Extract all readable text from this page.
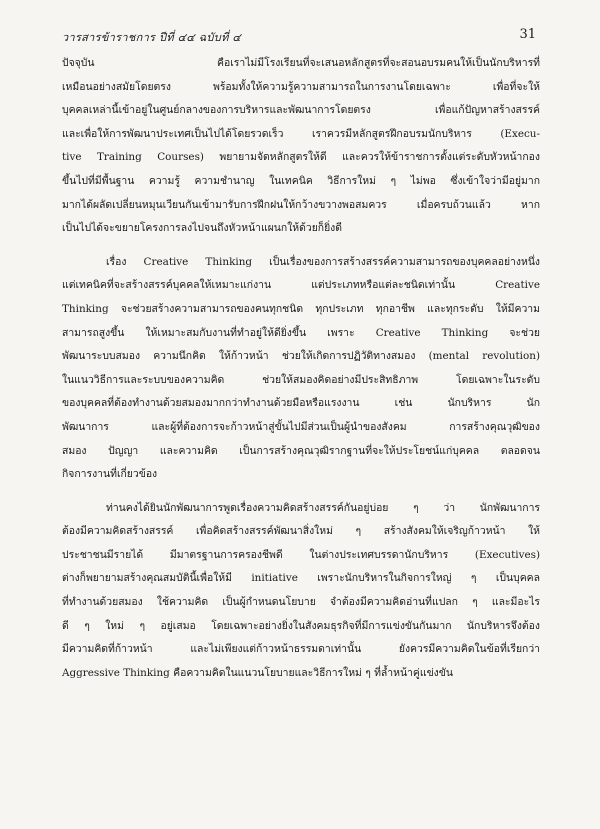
วารสารข้าราชการ ปีที่ ๔๔ ฉบับที่ ๔	31
ปัจจุบัน คือเราไม่มีโรงเรียนที่จะเสนอหลักสูตรที่จะสอนอบรมคนให้เป็นนักบริหารที่
เหมือนอย่างสมัยโดยตรง พร้อมทั้งให้ความรู้ความสามารถในการงานโดยเฉพาะ เพื่อที่จะให้
บุคคลเหล่านี้เข้าอยู่ในศูนย์กลางของการบริหารและพัฒนาการโดยตรง เพื่อแก้ปัญหาสร้างสรรค์
และเพื่อให้การพัฒนาประเทศเป็นไปได้โดยรวดเร็ว เราควรมีหลักสูตรฝึกอบรมนักบริหาร (Execu-
tive Training Courses) พยายามจัดหลักสูตรให้ดี และควรให้ข้าราชการตั้งแต่ระดับหัวหน้ากอง
ขึ้นไปที่มีพื้นฐาน ความรู้ ความชำนาญ ในเทคนิค วิธีการใหม่ ๆ ไม่พอ ซึ่งเข้าใจว่ามีอยู่มาก
มากได้ผลัดเปลี่ยนหมุนเวียนกันเข้ามารับการฝึกฝนให้กว้างขวางพอสมควร เมื่อครบถ้วนแล้ว หาก
เป็นไปได้จะขยายโครงการลงไปจนถึงหัวหน้าแผนกให้ด้วยก็ยิ่งดี
เรื่อง Creative Thinking เป็นเรื่องของการสร้างสรรค์ความสามารถของบุคคลอย่างหนึ่ง
แต่เทคนิคที่จะสร้างสรรค์บุคคลให้เหมาะแก่งาน แต่ประเภทหรือแต่ละชนิดเท่านั้น Creative
Thinking จะช่วยสร้างความสามารถของคนทุกชนิด ทุกประเภท ทุกอาชีพ และทุกระดับ ให้มีความ
สามารถสูงขึ้น ให้เหมาะสมกับงานที่ทำอยู่ให้ดียิ่งขึ้น เพราะ Creative Thinking จะช่วย
พัฒนาระบบสมอง ความนึกคิด ให้ก้าวหน้า ช่วยให้เกิดการปฏิวัติทางสมอง (mental revolution)
ในแนววิธีการและระบบของความคิด ช่วยให้สมองคิดอย่างมีประสิทธิภาพ โดยเฉพาะในระดับ
ของบุคคลที่ต้องทำงานด้วยสมองมากกว่าทำงานด้วยมือหรือแรงงาน เช่น นักบริหาร นัก
พัฒนาการ และผู้ที่ต้องการจะก้าวหน้าสู่ขั้นไปมีส่วนเป็นผู้นำของสังคม การสร้างคุณวุฒิของ
สมอง ปัญญา และความคิด เป็นการสร้างคุณวุฒิรากฐานที่จะให้ประโยชน์แก่บุคคล ตลอดจน
กิจการงานที่เกี่ยวข้อง
ท่านคงได้ยินนักพัฒนาการพูดเรื่องความคิดสร้างสรรค์กันอยู่บ่อย ๆ ว่า นักพัฒนาการ
ต้องมีความคิดสร้างสรรค์ เพื่อคิดสร้างสรรค์พัฒนาสิ่งใหม่ ๆ สร้างสังคมให้เจริญก้าวหน้า ให้
ประชาชนมีรายได้ มีมาตรฐานการครองชีพดี ในต่างประเทศบรรดานักบริหาร (Executives)
ต่างก็พยายามสร้างคุณสมบัตินี้เพื่อให้มี initiative เพราะนักบริหารในกิจการใหญ่ ๆ เป็นบุคคล
ที่ทำงานด้วยสมอง ใช้ความคิด เป็นผู้กำหนดนโยบาย จำต้องมีความคิดอ่านที่แปลก ๆ และมีอะไร
ดี ๆ ใหม่ ๆ อยู่เสมอ โดยเฉพาะอย่างยิ่งในสังคมธุรกิจที่มีการแข่งขันกันมาก นักบริหารจึงต้อง
มีความคิดที่ก้าวหน้า และไม่เพียงแต่ก้าวหน้าธรรมดาเท่านั้น ยังควรมีความคิดในข้อที่เรียกว่า
Aggressive Thinking คือความคิดในแนวนโยบายและวิธีการใหม่ ๆ ที่ล้ำหน้าคู่แข่งขัน
